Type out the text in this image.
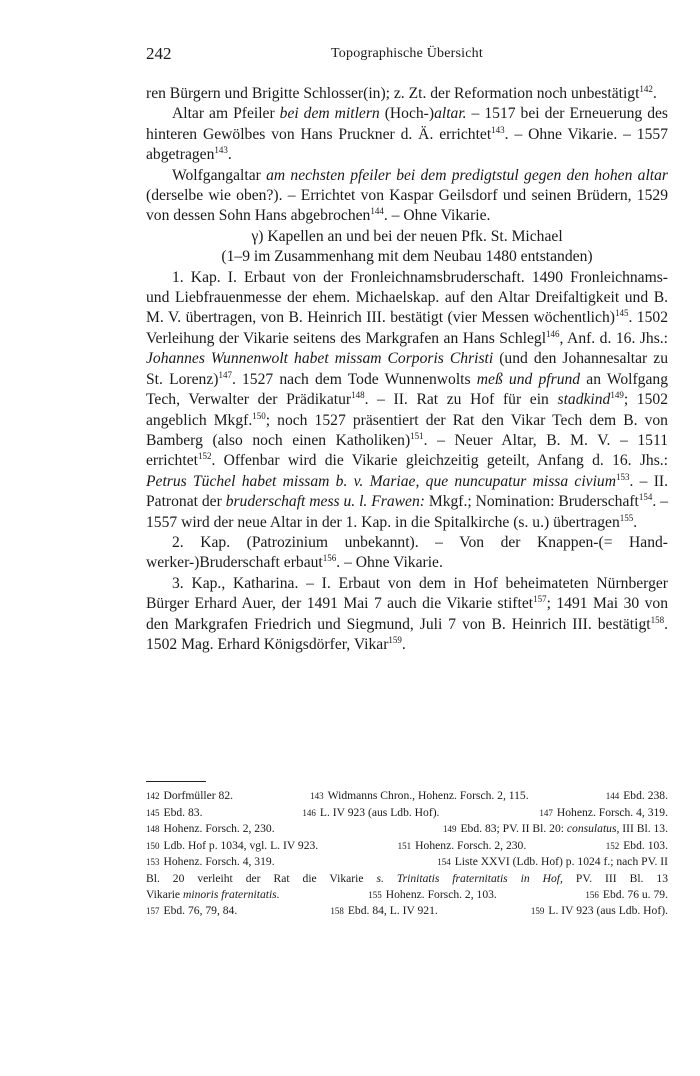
242	Topographische Übersicht

ren Bürgern und Brigitte Schlosser(in); z. Zt. der Reformation noch unbestätigt$^{142}$.

Altar am Pfeiler bei dem mitlern (Hoch-)altar. – 1517 bei der Erneuerung des hinteren Gewölbes von Hans Pruckner d. Ä. errichtet$^{143}$. – Ohne Vikarie. – 1557 abgetragen$^{143}$.

Wolfgangaltar am nechsten pfeiler bei dem predigtstul gegen den hohen altar (derselbe wie oben?). – Errichtet von Kaspar Geilsdorf und seinen Brüdern, 1529 von dessen Sohn Hans abgebrochen$^{144}$. – Ohne Vikarie.

γ) Kapellen an und bei der neuen Pfk. St. Michael

(1–9 im Zusammenhang mit dem Neubau 1480 entstanden)

1. Kap. I. Erbaut von der Fronleichnamsbruderschaft. 1490 Fronleichnams- und Liebfrauenmesse der ehem. Michaelskap. auf den Altar Dreifaltigkeit und B. M. V. übertragen, von B. Heinrich III. bestätigt (vier Messen wöchentlich)$^{145}$. 1502 Verleihung der Vikarie seitens des Markgrafen an Hans Schlegl$^{146}$, Anf. d. 16. Jhs.: Johannes Wunnenwolt habet missam Corporis Christi (und den Johannesaltar zu St. Lorenz)$^{147}$. 1527 nach dem Tode Wunnenwolts meß und pfrund an Wolfgang Tech, Verwalter der Prädikatur$^{148}$. – II. Rat zu Hof für ein stadkind$^{149}$; 1502 angeblich Mkgf.$^{150}$; noch 1527 präsentiert der Rat den Vikar Tech dem B. von Bamberg (also noch einen Katholiken)$^{151}$. – Neuer Altar, B. M. V. – 1511 errichtet$^{152}$. Offenbar wird die Vikarie gleichzeitig geteilt, Anfang d. 16. Jhs.: Petrus Tüchel habet missam b. v. Mariae, que nuncupatur missa civium$^{153}$. – II. Patronat der bruderschaft mess u. l. Frawen: Mkgf.; Nomination: Bruderschaft$^{154}$. – 1557 wird der neue Altar in der 1. Kap. in die Spitalkirche (s. u.) übertragen$^{155}$.

2. Kap. (Patrozinium unbekannt). – Von der Knappen-(= Handwerker-)Bruderschaft erbaut$^{156}$. – Ohne Vikarie.

3. Kap., Katharina. – I. Erbaut von dem in Hof beheimateten Nürnberger Bürger Erhard Auer, der 1491 Mai 7 auch die Vikarie stiftet$^{157}$; 1491 Mai 30 von den Markgrafen Friedrich und Siegmund, Juli 7 von B. Heinrich III. bestätigt$^{158}$. 1502 Mag. Erhard Königsdörfer, Vikar$^{159}$.

142 Dorfmüller 82.	143 Widmanns Chron., Hohenz. Forsch. 2, 115.	144 Ebd. 238.
145 Ebd. 83.	146 L. IV 923 (aus Ldb. Hof).	147 Hohenz. Forsch. 4, 319.
148 Hohenz. Forsch. 2, 230.	149 Ebd. 83; PV. II Bl. 20: consulatus, III Bl. 13.
150 Ldb. Hof p. 1034, vgl. L. IV 923.	151 Hohenz. Forsch. 2, 230.	152 Ebd. 103.
153 Hohenz. Forsch. 4, 319.	154 Liste XXVI (Ldb. Hof) p. 1024 f.; nach PV. II
Bl. 20 verleiht der Rat die Vikarie s. Trinitatis fraternitatis in Hof, PV. III Bl. 13
Vikarie minoris fraternitatis.	155 Hohenz. Forsch. 2, 103.	156 Ebd. 76 u. 79.
157 Ebd. 76, 79, 84.	158 Ebd. 84, L. IV 921.	159 L. IV 923 (aus Ldb. Hof).
